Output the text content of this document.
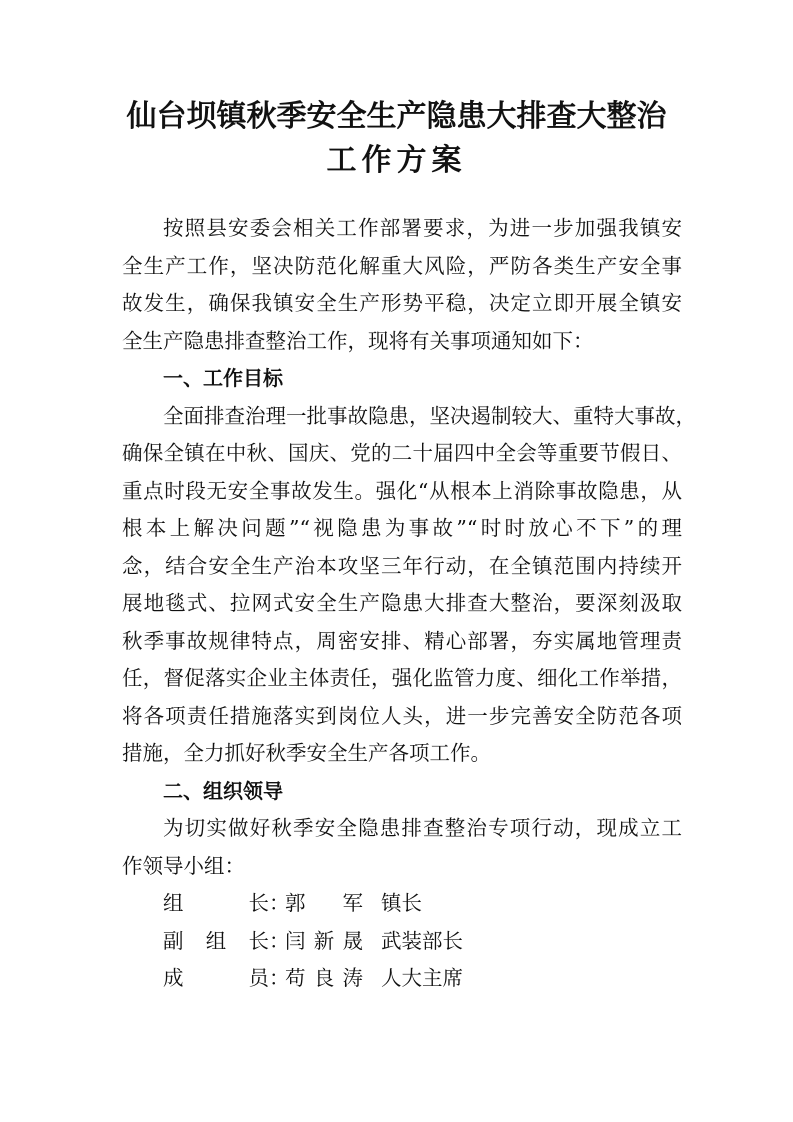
仙台坝镇秋季安全生产隐患大排查大整治
工作方案
按照县安委会相关工作部署要求，为进一步加强我镇安
全生产工作，坚决防范化解重大风险，严防各类生产安全事
故发生，确保我镇安全生产形势平稳，决定立即开展全镇安
全生产隐患排查整治工作，现将有关事项通知如下：
一、工作目标
全面排查治理一批事故隐患，坚决遏制较大、重特大事故，
确保全镇在中秋、国庆、党的二十届四中全会等重要节假日、
重点时段无安全事故发生。强化“从根本上消除事故隐患，从
根本上解决问题”“视隐患为事故”“时时放心不下”的理
念，结合安全生产治本攻坚三年行动，在全镇范围内持续开
展地毯式、拉网式安全生产隐患大排查大整治，要深刻汲取
秋季事故规律特点，周密安排、精心部署，夯实属地管理责
任，督促落实企业主体责任，强化监管力度、细化工作举措，
将各项责任措施落实到岗位人头，进一步完善安全防范各项
措施，全力抓好秋季安全生产各项工作。
二、组织领导
为切实做好秋季安全隐患排查整治专项行动，现成立工
作领导小组：
组长 ：
郭军 镇长
副组长 ：
闫新晟 武装部长
成员 ：
苟良涛 人大主席
